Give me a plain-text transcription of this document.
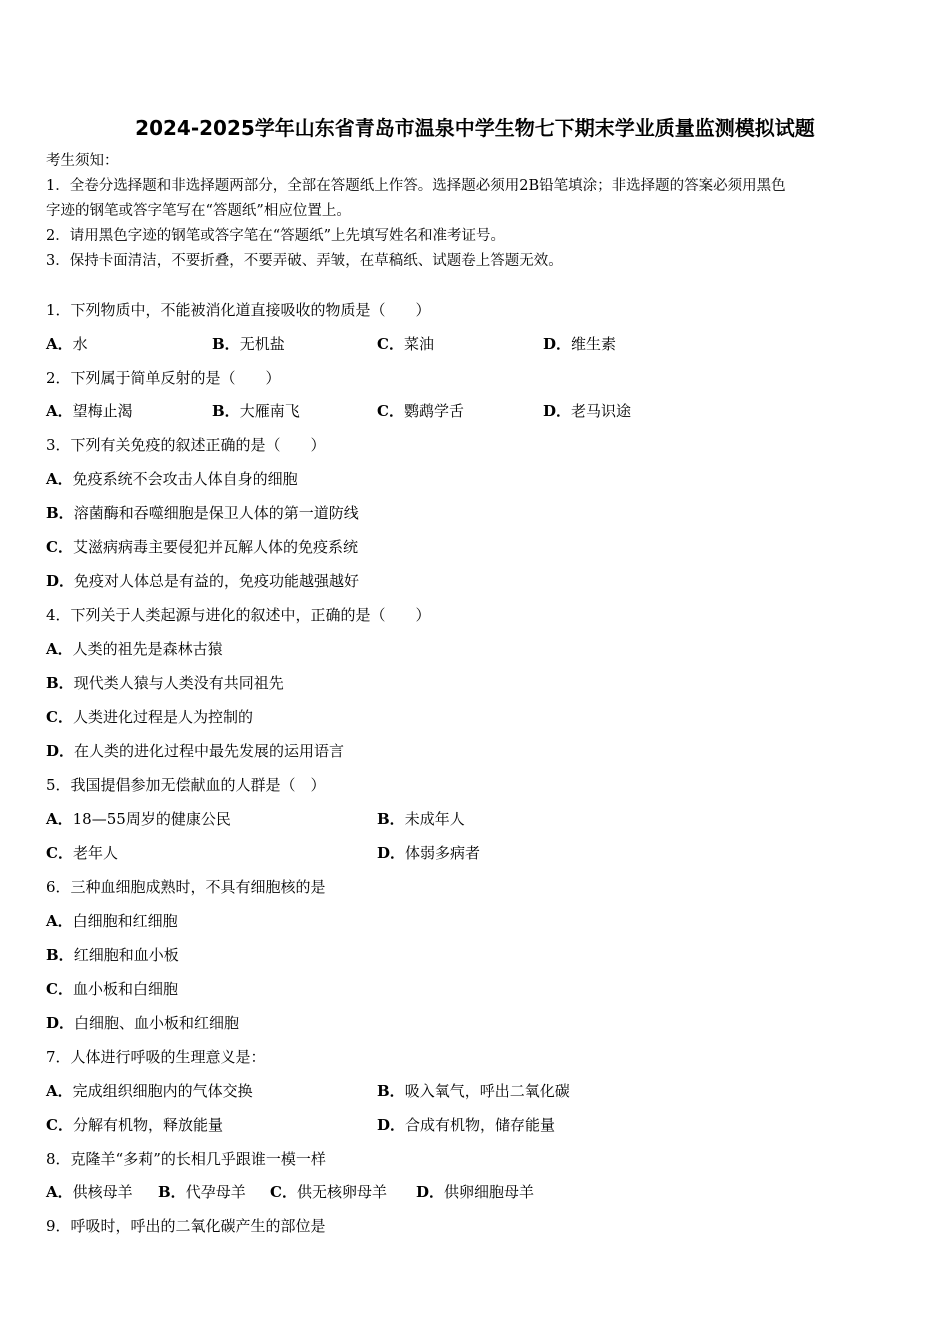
2024-2025学年山东省青岛市温泉中学生物七下期末学业质量监测模拟试题
考生须知：
1．全卷分选择题和非选择题两部分，全部在答题纸上作答。选择题必须用2B铅笔填涂；非选择题的答案必须用黑色
字迹的钢笔或答字笔写在“答题纸”相应位置上。
2．请用黑色字迹的钢笔或答字笔在“答题纸”上先填写姓名和准考证号。
3．保持卡面清洁，不要折叠，不要弄破、弄皱，在草稿纸、试题卷上答题无效。
1．下列物质中，不能被消化道直接吸收的物质是（　　）
A．水	B．无机盐	C．菜油	D．维生素
2．下列属于简单反射的是（　　）
A．望梅止渴	B．大雁南飞	C．鹦鹉学舌	D．老马识途
3．下列有关免疫的叙述正确的是（　　）
A．免疫系统不会攻击人体自身的细胞
B．溶菌酶和吞噬细胞是保卫人体的第一道防线
C．艾滋病病毒主要侵犯并瓦解人体的免疫系统
D．免疫对人体总是有益的，免疫功能越强越好
4．下列关于人类起源与进化的叙述中，正确的是（　　）
A．人类的祖先是森林古猿
B．现代类人猿与人类没有共同祖先
C．人类进化过程是人为控制的
D．在人类的进化过程中最先发展的运用语言
5．我国提倡参加无偿献血的人群是（　）
A．18—55周岁的健康公民	B．未成年人
C．老年人	D．体弱多病者
6．三种血细胞成熟时，不具有细胞核的是
A．白细胞和红细胞
B．红细胞和血小板
C．血小板和白细胞
D．白细胞、血小板和红细胞
7．人体进行呼吸的生理意义是：
A．完成组织细胞内的气体交换	B．吸入氧气，呼出二氧化碳
C．分解有机物，释放能量	D．合成有机物，储存能量
8．克隆羊“多莉”的长相几乎跟谁一模一样
A．供核母羊 B．代孕母羊 C．供无核卵母羊 D．供卵细胞母羊
9．呼吸时，呼出的二氧化碳产生的部位是
